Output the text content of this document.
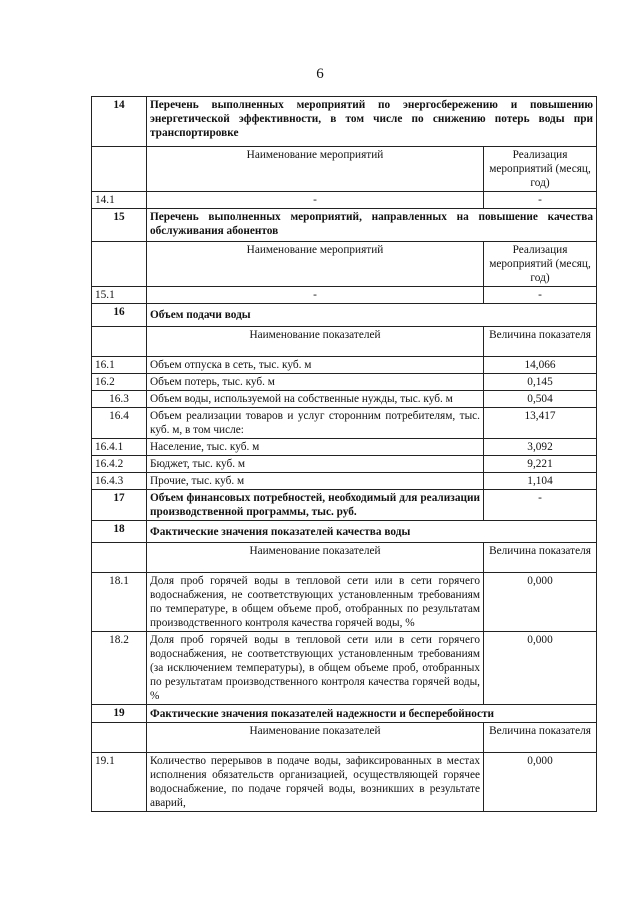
6
14	Перечень выполненных мероприятий по энергосбережению и повышению энергетической эффективности, в том числе по снижению потерь воды при транспортировке	
	Наименование мероприятий	Реализация мероприятий (месяц, год)
14.1	-	-
15	Перечень выполненных мероприятий, направленных на повышение качества обслуживания абонентов	
	Наименование мероприятий	Реализация мероприятий (месяц, год)
15.1	-	-
16	Объем подачи воды	
	Наименование показателей	Величина показателя
16.1	Объем отпуска в сеть, тыс. куб. м	14,066
16.2	Объем потерь, тыс. куб. м	0,145
16.3	Объем воды, используемой на собственные нужды, тыс. куб. м	0,504
16.4	Объем реализации товаров и услуг сторонним потребителям, тыс. куб. м, в том числе:	13,417
16.4.1	Население, тыс. куб. м	3,092
16.4.2	Бюджет, тыс. куб. м	9,221
16.4.3	Прочие, тыс. куб. м	1,104
17	Объем финансовых потребностей, необходимый для реализации производственной программы, тыс. руб.	-
18	Фактические значения показателей качества воды	
	Наименование показателей	Величина показателя
18.1	Доля проб горячей воды в тепловой сети или в сети горячего водоснабжения, не соответствующих установленным требованиям по температуре, в общем объеме проб, отобранных по результатам производственного контроля качества горячей воды, %	0,000
18.2	Доля проб горячей воды в тепловой сети или в сети горячего водоснабжения, не соответствующих установленным требованиям (за исключением температуры), в общем объеме проб, отобранных по результатам производственного контроля качества горячей воды, %	0,000
19	Фактические значения показателей надежности и бесперебойности	
	Наименование показателей	Величина показателя
19.1	Количество перерывов в подаче воды, зафиксированных в местах исполнения обязательств организацией, осуществляющей горячее водоснабжение, по подаче горячей воды, возникших в результате аварий,	0,000
